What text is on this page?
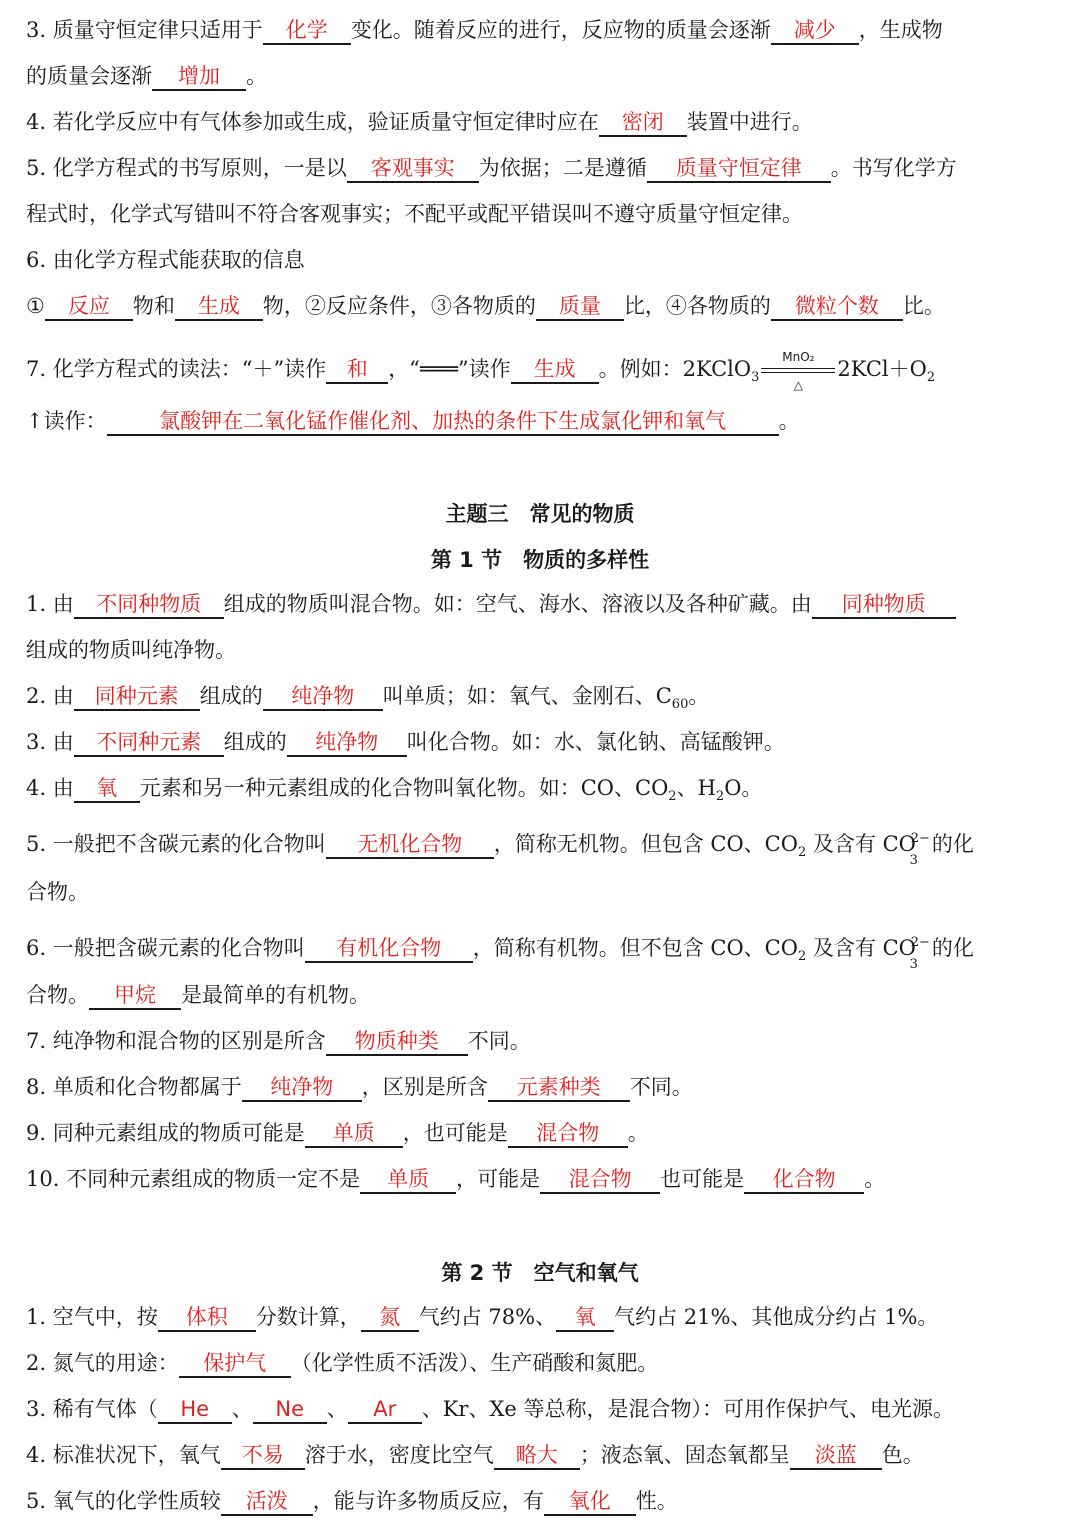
3. 质量守恒定律只适用于 化学 变化。随着反应的进行，反应物的质量会逐渐 减少 ，生成物
的质量会逐渐 增加 。
4. 若化学反应中有气体参加或生成，验证质量守恒定律时应在 密闭 装置中进行。
5. 化学方程式的书写原则，一是以 客观事实 为依据；二是遵循 质量守恒定律 。书写化学方
程式时，化学式写错叫不符合客观事实；不配平或配平错误叫不遵守质量守恒定律。
6. 由化学方程式能获取的信息
① 反应 物和 生成 物，②反应条件，③各物质的 质量 比，④各物质的 微粒个数 比。
7. 化学方程式的读法：“＋”读作 和 ，“═══”读作 生成 。例如：2KClO$_3$
MnO₂
△
$2KCl+O_2$
↑读作：	氯酸钾在二氧化锰作催化剂、加热的条件下生成氯化钾和氧气	。
主题三　常见的物质
第 1 节　物质的多样性
1. 由 不同种物质 组成的物质叫混合物。如：空气、海水、溶液以及各种矿藏。由 同种物质
组成的物质叫纯净物。
2. 由 同种元素 组成的 纯净物 叫单质；如：氧气、金刚石、$C_{60}$。
3. 由 不同种元素 组成的 纯净物 叫化合物。如：水、氯化钠、高锰酸钾。
4. 由 氧 元素和另一种元素组成的化合物叫氧化物。如：CO、$CO_2$、$H_2O$。
5. 一般把不含碳元素的化合物叫 无机化合物 ，简称无机物。但包含 CO、$CO_2$ 及含有 CO
2−
3
的化
合物。
6. 一般把含碳元素的化合物叫 有机化合物 ，简称有机物。但不包含 CO、$CO_2$ 及含有 CO
2−
3
的化
合物。 甲烷 是最简单的有机物。
7. 纯净物和混合物的区别是所含 物质种类 不同。
8. 单质和化合物都属于 纯净物 ，区别是所含 元素种类 不同。
9. 同种元素组成的物质可能是 单质 ，也可能是 混合物 。
10. 不同种元素组成的物质一定不是 单质 ，可能是 混合物 也可能是 化合物 。
第 2 节　空气和氧气
1. 空气中，按 体积 分数计算， 氮 气约占 78%、 氧 气约占 21%、其他成分约占 1%。
2. 氮气的用途： 保护气 （化学性质不活泼）、生产硝酸和氮肥。
3. 稀有气体（ He 、 Ne 、 Ar 、Kr、Xe 等总称，是混合物）：可用作保护气、电光源。
4. 标准状况下，氧气 不易 溶于水，密度比空气 略大 ；液态氧、固态氧都呈 淡蓝 色。
5. 氧气的化学性质较 活泼 ，能与许多物质反应，有 氧化 性。
